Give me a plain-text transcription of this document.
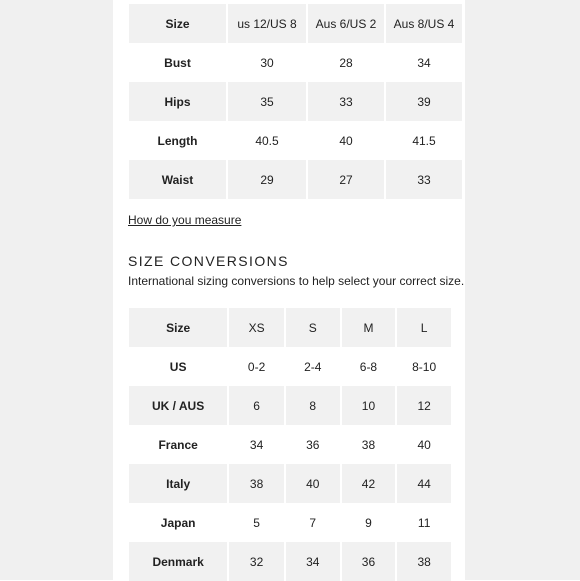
Size	us 12/US 8	Aus 6/US 2	Aus 8/US 4
Bust	30	28	34
Hips	35	33	39
Length	40.5	40	41.5
Waist	29	27	33
How do you measure
SIZE CONVERSIONS
International sizing conversions to help select your correct size.
Size	XS	S	M	L
US	0-2	2-4	6-8	8-10
UK / AUS	6	8	10	12
France	34	36	38	40
Italy	38	40	42	44
Japan	5	7	9	11
Denmark	32	34	36	38
